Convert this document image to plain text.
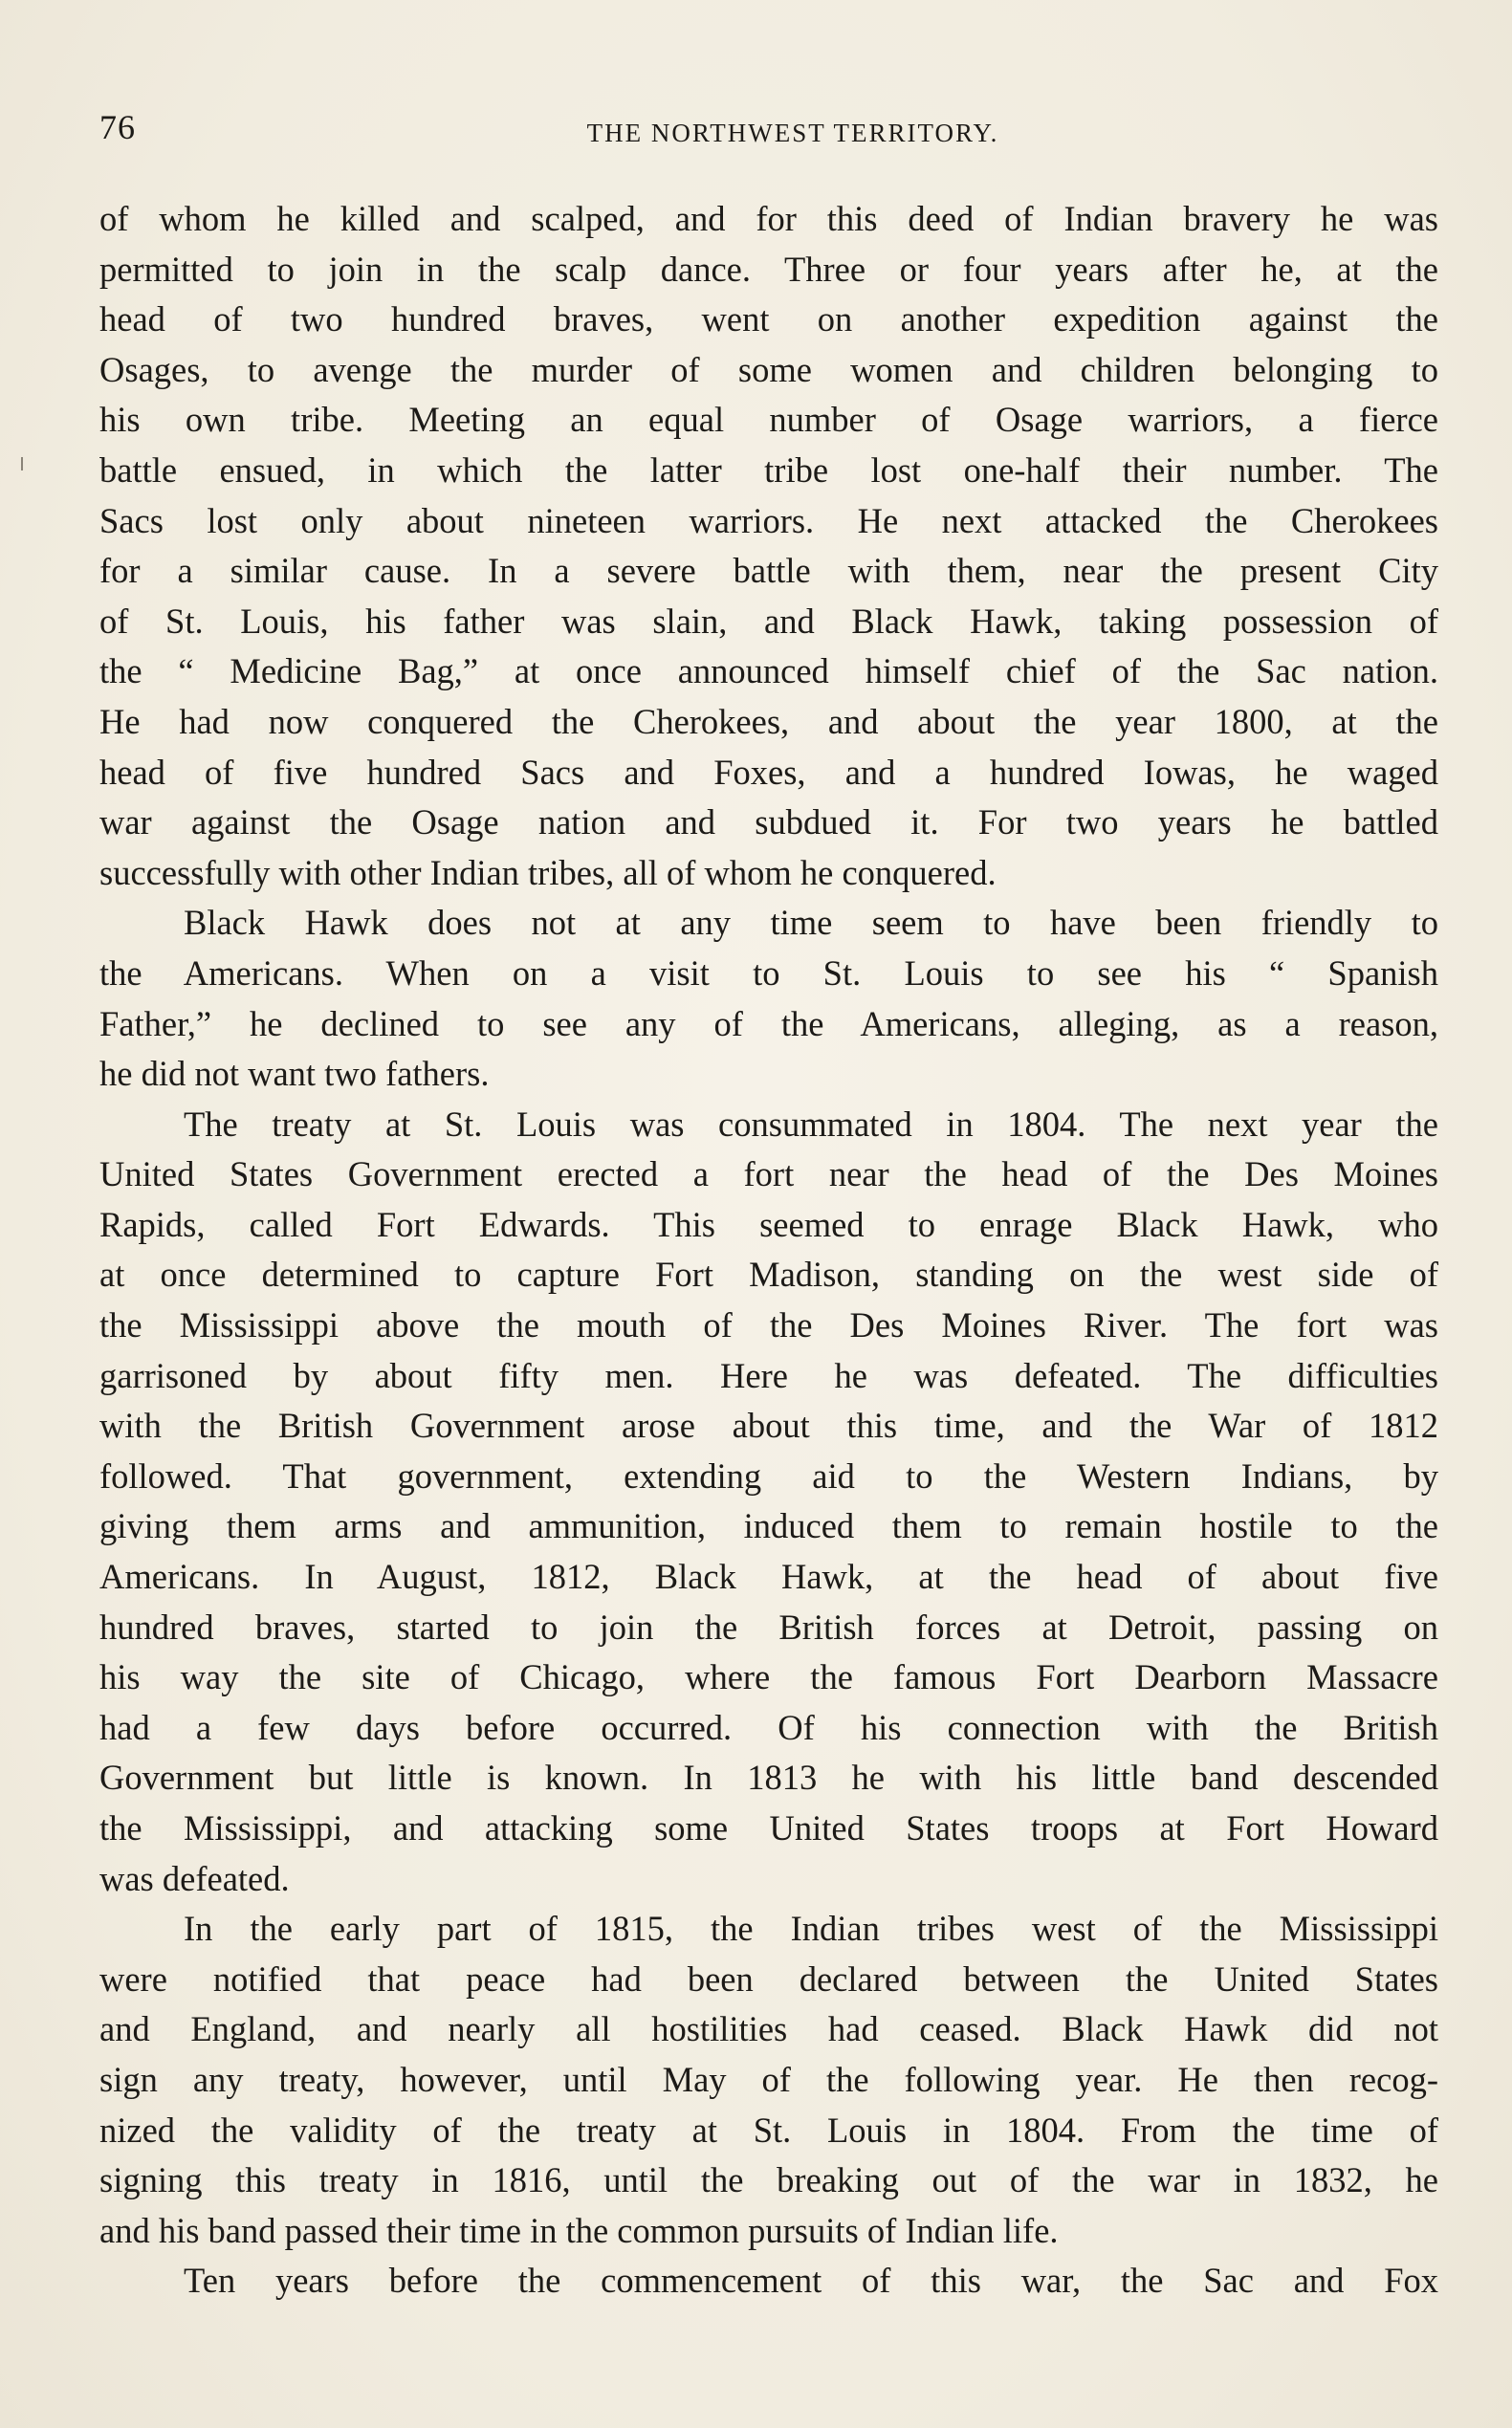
76	THE NORTHWEST TERRITORY.
of whom he killed and scalped, and for this deed of Indian bravery he was
permitted to join in the scalp dance. Three or four years after he, at the
head of two hundred braves, went on another expedition against the
Osages, to avenge the murder of some women and children belonging to
his own tribe. Meeting an equal number of Osage warriors, a fierce
battle ensued, in which the latter tribe lost one-half their number. The
Sacs lost only about nineteen warriors. He next attacked the Cherokees
for a similar cause. In a severe battle with them, near the present City
of St. Louis, his father was slain, and Black Hawk, taking possession of
the “ Medicine Bag,” at once announced himself chief of the Sac nation.
He had now conquered the Cherokees, and about the year 1800, at the
head of five hundred Sacs and Foxes, and a hundred Iowas, he waged
war against the Osage nation and subdued it. For two years he battled
successfully with other Indian tribes, all of whom he conquered.
Black Hawk does not at any time seem to have been friendly to
the Americans. When on a visit to St. Louis to see his “ Spanish
Father,” he declined to see any of the Americans, alleging, as a reason,
he did not want two fathers.
The treaty at St. Louis was consummated in 1804. The next year the
United States Government erected a fort near the head of the Des Moines
Rapids, called Fort Edwards. This seemed to enrage Black Hawk, who
at once determined to capture Fort Madison, standing on the west side of
the Mississippi above the mouth of the Des Moines River. The fort was
garrisoned by about fifty men. Here he was defeated. The difficulties
with the British Government arose about this time, and the War of 1812
followed. That government, extending aid to the Western Indians, by
giving them arms and ammunition, induced them to remain hostile to the
Americans. In August, 1812, Black Hawk, at the head of about five
hundred braves, started to join the British forces at Detroit, passing on
his way the site of Chicago, where the famous Fort Dearborn Massacre
had a few days before occurred. Of his connection with the British
Government but little is known. In 1813 he with his little band descended
the Mississippi, and attacking some United States troops at Fort Howard
was defeated.
In the early part of 1815, the Indian tribes west of the Mississippi
were notified that peace had been declared between the United States
and England, and nearly all hostilities had ceased. Black Hawk did not
sign any treaty, however, until May of the following year. He then recog-
nized the validity of the treaty at St. Louis in 1804. From the time of
signing this treaty in 1816, until the breaking out of the war in 1832, he
and his band passed their time in the common pursuits of Indian life.
Ten years before the commencement of this war, the Sac and Fox
